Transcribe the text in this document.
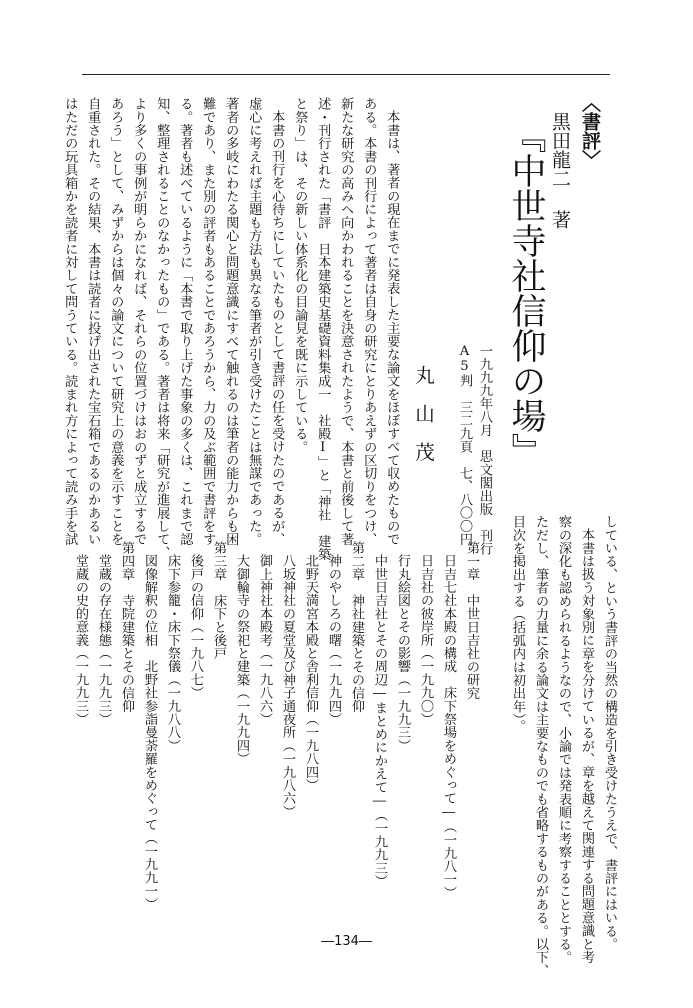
〈書評〉
黒田龍二 著
『中世寺社信仰の場』
一九九九年八月　思文閣出版　刊行
A5判　三二九頁　七、八〇〇円
丸山茂
本書は、著者の現在までに発表した主要な論文をほぼすべて収めたもので
ある。本書の刊行によって著者は自身の研究にとりあえずの区切りをつけ、
新たな研究の高みへ向かわれることを決意されたようで、本書と前後して著
述・刊行された「書評　日本建築史基礎資料集成一　社殿Ⅰ」と「神社　建築
と祭り」は、その新しい体系化の目論見を既に示している。
本書の刊行を心待ちにしていたものとして書評の任を受けたのであるが、
虚心に考えれば主題も方法も異なる筆者が引き受けたことは無謀であった。
著者の多岐にわたる関心と問題意識にすべて触れるのは筆者の能力からも困
難であり、また別の評者もあることであろうから、力の及ぶ範囲で書評をす
る。著者も述べているように「本書で取り上げた事象の多くは、これまで認
知、整理されることのなかったもの」である。著者は将来「研究が進展して、
より多くの事例が明らかになれば、それらの位置づけはおのずと成立するで
あろう」として、みずからは個々の論文について研究上の意義を示すことを
自重された。その結果、本書は読者に投げ出された宝石箱であるのかあるい
はただの玩具箱かを読者に対して問うている。読まれ方によって読み手を試
している、という書評の当然の構造を引き受けたうえで、書評にはいる。
本書は扱う対象別に章を分けているが、章を越えて関連する問題意識と考
察の深化も認められるようなので、小論では発表順に考察することとする。
ただし、筆者の力量に余る論文は主要なものでも省略するものがある。以下、
目次を掲出する（括弧内は初出年）。
第一章　中世日吉社の研究
日吉七社本殿の構成　床下祭場をめぐって―（一九八一）
日吉社の彼岸所（一九九〇）
行丸絵図とその影響（一九九三）
中世日吉社とその周辺―まとめにかえて―（一九九三）
第二章　神社建築とその信仰
神のやしろの曙（一九九四）
北野天満宮本殿と舎利信仰（一九八四）
八坂神社の夏堂及び神子通夜所（一九八六）
御上神社本殿考（一九八六）
大御輪寺の祭祀と建築（一九九四）
第三章　床下と後戸
後戸の信仰（一九八七）
床下参籠・床下祭儀（一九八八）
図像解釈の位相　北野社参詣曼荼羅をめぐって（一九九一）
第四章　寺院建築とその信仰
堂蔵の存在様態（一九九三）
堂蔵の史的意義（一九九三）
―134―
